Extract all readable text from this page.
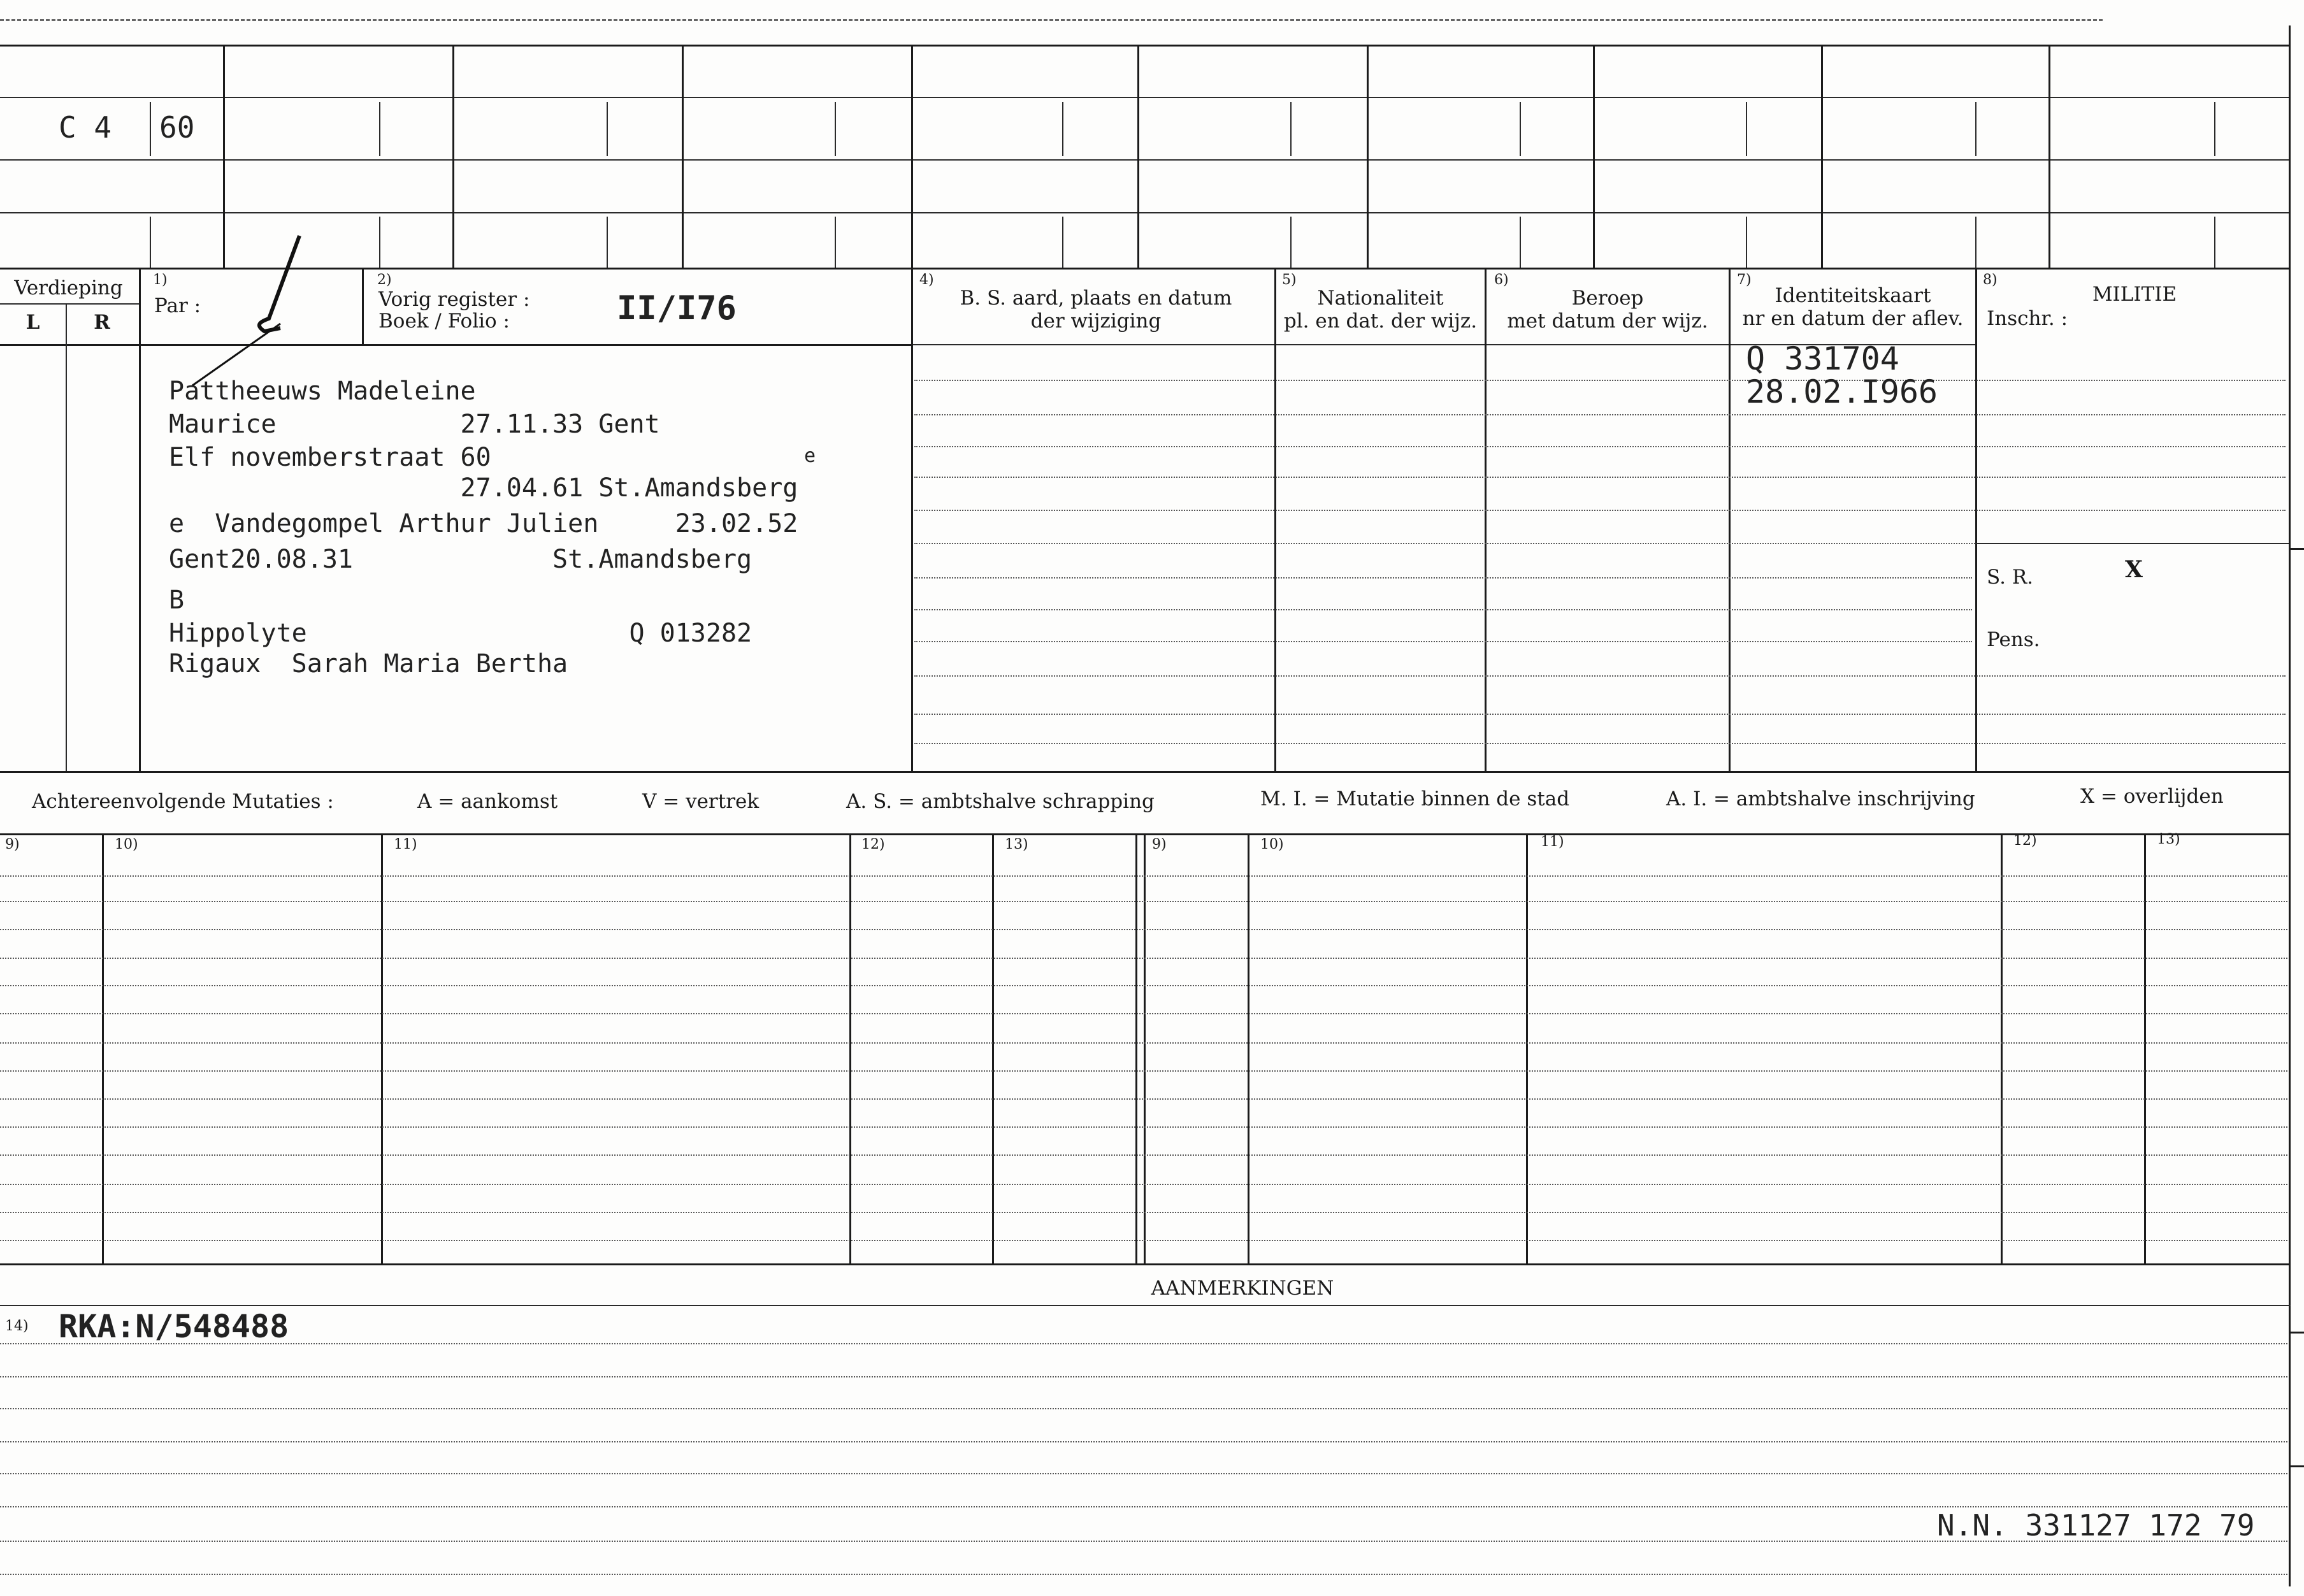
C 4 60
Verdieping
L	R
1)
Par :
2)
Vorig register :
Boek / Folio :	II/I76
4)
B. S. aard, plaats en datum
der wijziging
5)
Nationaliteit
pl. en dat. der wijz.
6)
Beroep
met datum der wijz.
7)
Identiteitskaart
nr en datum der aflev.
8)
MILITIE
Inschr. :
Pattheeuws Madeleine
Maurice            27.11.33 Gent
Elf novemberstraat 60
27.04.61 St.Amandsberg
e  Vandegompel Arthur Julien     23.02.52
Gent20.08.31             St.Amandsberg
B
Hippolyte                     Q 013282
Rigaux  Sarah Maria Bertha
e
Q 331704
28.02.I966
S. R.	X
Pens.
Achtereenvolgende Mutaties :	A = aankomst	V = vertrek	A. S. = ambtshalve schrapping	M. I. = Mutatie binnen de stad	A. I. = ambtshalve inschrijving	X = overlijden
9)	10)	11)	12)	13)	9)	10)	11)	12)	13)
AANMERKINGEN
14) RKA:N/548488
N.N. 331127 172 79
